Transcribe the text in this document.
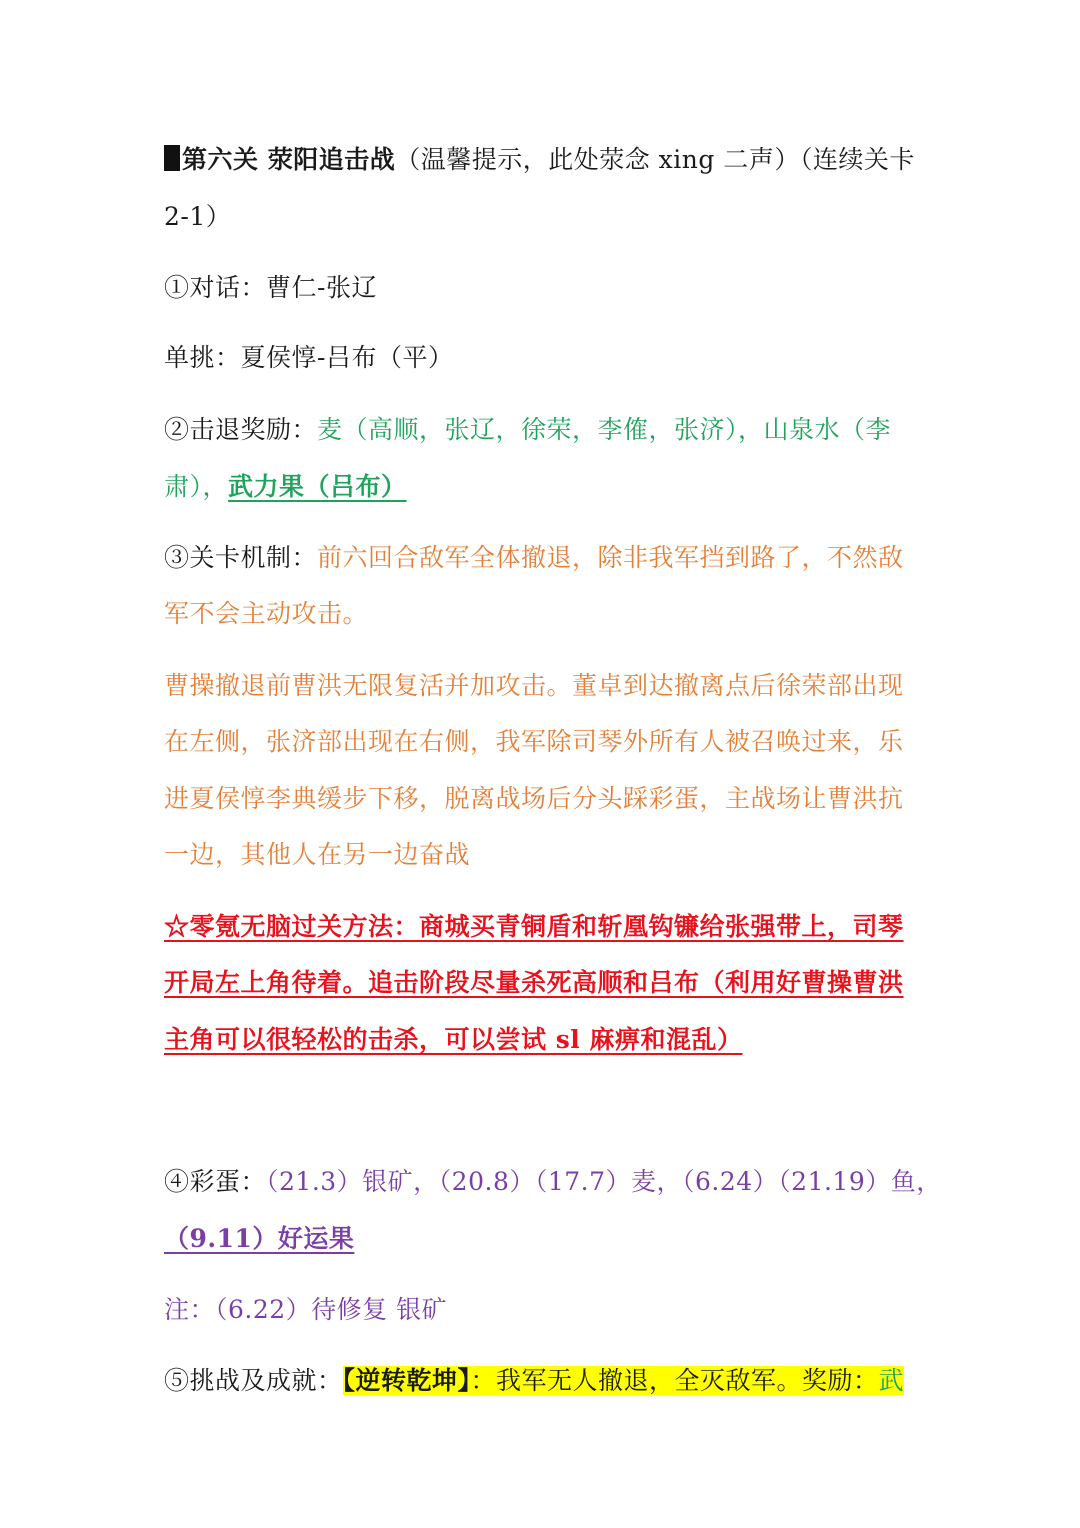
第六关 荥阳追击战（温馨提示，此处荥念 xing 二声）（连续关卡
2-1）
①对话：曹仁-张辽
单挑：夏侯惇-吕布（平）
②击退奖励：麦（高顺，张辽，徐荣，李傕，张济），山泉水（李
肃），武力果（吕布）
③关卡机制：前六回合敌军全体撤退，除非我军挡到路了，不然敌
军不会主动攻击。
曹操撤退前曹洪无限复活并加攻击。董卓到达撤离点后徐荣部出现
在左侧，张济部出现在右侧，我军除司琴外所有人被召唤过来，乐
进夏侯惇李典缓步下移，脱离战场后分头踩彩蛋，主战场让曹洪抗
一边，其他人在另一边奋战
☆零氪无脑过关方法：商城买青铜盾和斩凰钩镰给张强带上，司琴
开局左上角待着。追击阶段尽量杀死高顺和吕布（利用好曹操曹洪
主角可以很轻松的击杀，可以尝试 sl 麻痹和混乱）
④彩蛋：（21.3）银矿，（20.8）（17.7）麦，（6.24）（21.19）鱼，
（9.11）好运果
注：（6.22）待修复 银矿
⑤挑战及成就：【逆转乾坤】：我军无人撤退，全灭敌军。奖励：武
